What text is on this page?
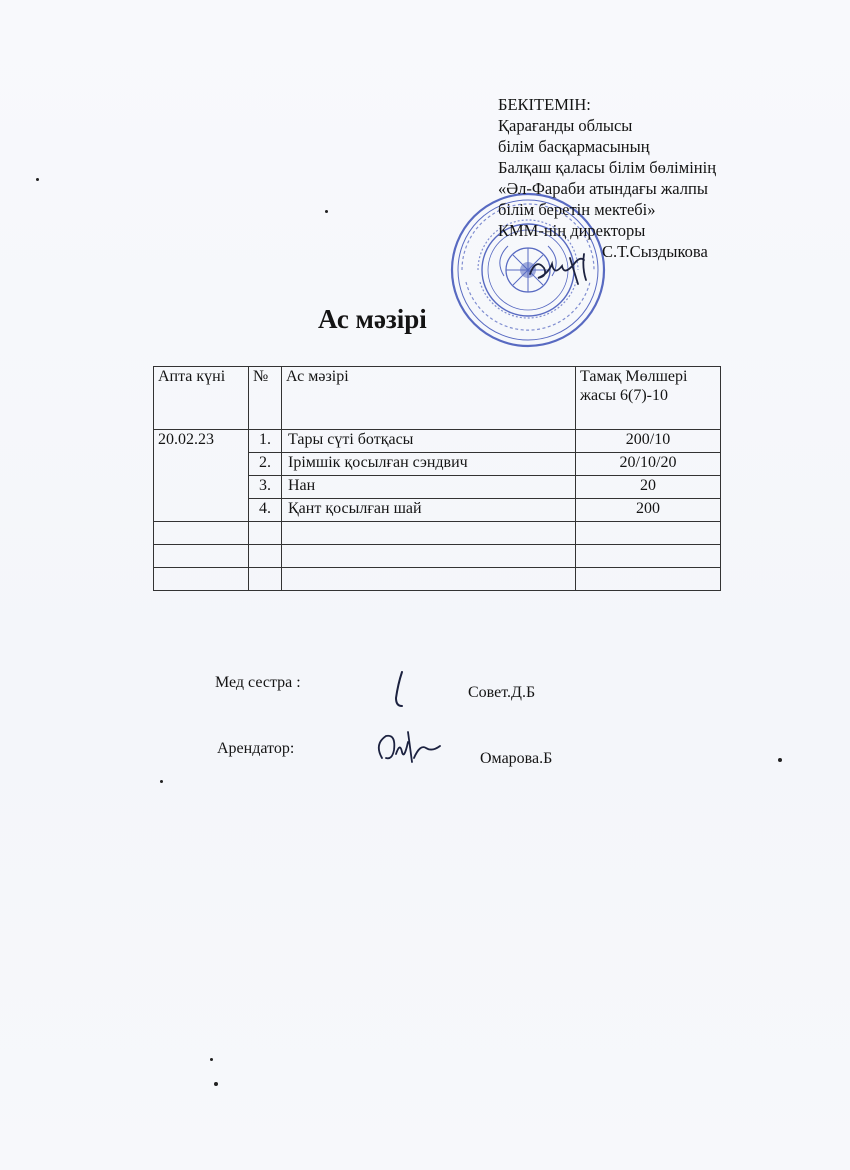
БЕКІТЕМІН:
Қарағанды облысы
білім басқармасының
Балқаш қаласы білім бөлімінің
«Әл-Фараби атындағы жалпы
білім беретін мектебі»
КММ-нің директоры
С.Т.Сыздыкова
Ас мәзірі
Апта күні	№	Ас мәзірі	Тамақ Мөлшері жасы 6(7)-10
20.02.23	1.	Тары сүті ботқасы	200/10
	2.	Ірімшік қосылған сэндвич	20/10/20
	3.	Нан	20
	4.	Қант қосылған шай	200

Мед сестра :
Совет.Д.Б
Арендатор:
Омарова.Б
